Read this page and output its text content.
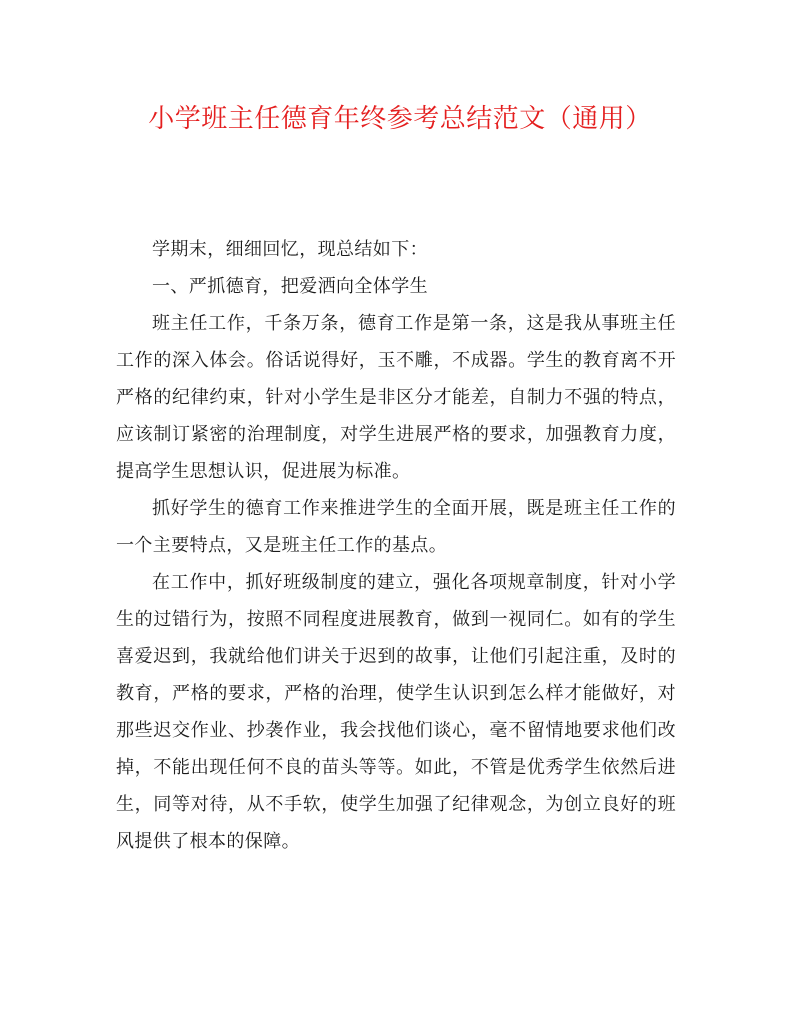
小学班主任德育年终参考总结范文（通用）

学期末，细细回忆，现总结如下：

一、严抓德育，把爱洒向全体学生

班主任工作，千条万条，德育工作是第一条，这是我从事班主任工作的深入体会。俗话说得好，玉不雕，不成器。学生的教育离不开严格的纪律约束，针对小学生是非区分才能差，自制力不强的特点，应该制订紧密的治理制度，对学生进展严格的要求，加强教育力度，提高学生思想认识，促进展为标准。

抓好学生的德育工作来推进学生的全面开展，既是班主任工作的一个主要特点，又是班主任工作的基点。

在工作中，抓好班级制度的建立，强化各项规章制度，针对小学生的过错行为，按照不同程度进展教育，做到一视同仁。如有的学生喜爱迟到，我就给他们讲关于迟到的故事，让他们引起注重，及时的教育，严格的要求，严格的治理，使学生认识到怎么样才能做好，对那些迟交作业、抄袭作业，我会找他们谈心，毫不留情地要求他们改掉，不能出现任何不良的苗头等等。如此，不管是优秀学生依然后进生，同等对待，从不手软，使学生加强了纪律观念，为创立良好的班风提供了根本的保障。
